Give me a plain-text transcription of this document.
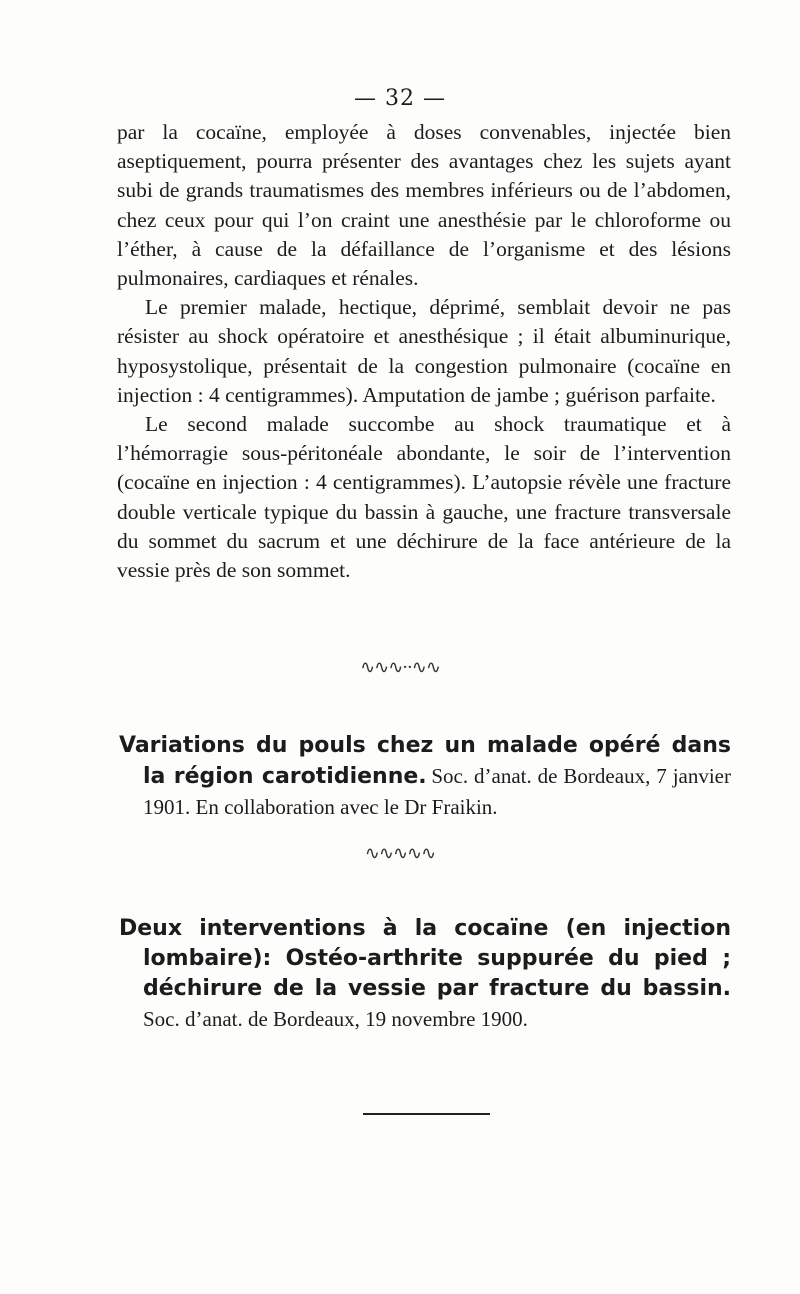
— 32 —

par la cocaïne, employée à doses convenables, injectée bien aseptiquement, pourra présenter des avantages chez les sujets ayant subi de grands traumatismes des membres inférieurs ou de l’abdomen, chez ceux pour qui l’on craint une anesthésie par le chloroforme ou l’éther, à cause de la défaillance de l’organisme et des lésions pulmonaires, cardiaques et rénales.

Le premier malade, hectique, déprimé, semblait devoir ne pas résister au shock opératoire et anesthésique ; il était albuminurique, hyposystolique, présentait de la congestion pulmonaire (cocaïne en injection : 4 centigrammes). Amputation de jambe ; guérison parfaite.

Le second malade succombe au shock traumatique et à l’hémorragie sous-péritonéale abondante, le soir de l’intervention (cocaïne en injection : 4 centigrammes). L’autopsie révèle une fracture double verticale typique du bassin à gauche, une fracture transversale du sommet du sacrum et une déchirure de la face antérieure de la vessie près de son sommet.

∿∿∿··∿∿

Variations du pouls chez un malade opéré dans la région carotidienne. Soc. d’anat. de Bordeaux, 7 janvier 1901. En collaboration avec le Dr Fraikin.

∿∿∿∿∿

Deux interventions à la cocaïne (en injection lombaire): Ostéo-arthrite suppurée du pied ; déchirure de la vessie par fracture du bassin. Soc. d’anat. de Bordeaux, 19 novembre 1900.
